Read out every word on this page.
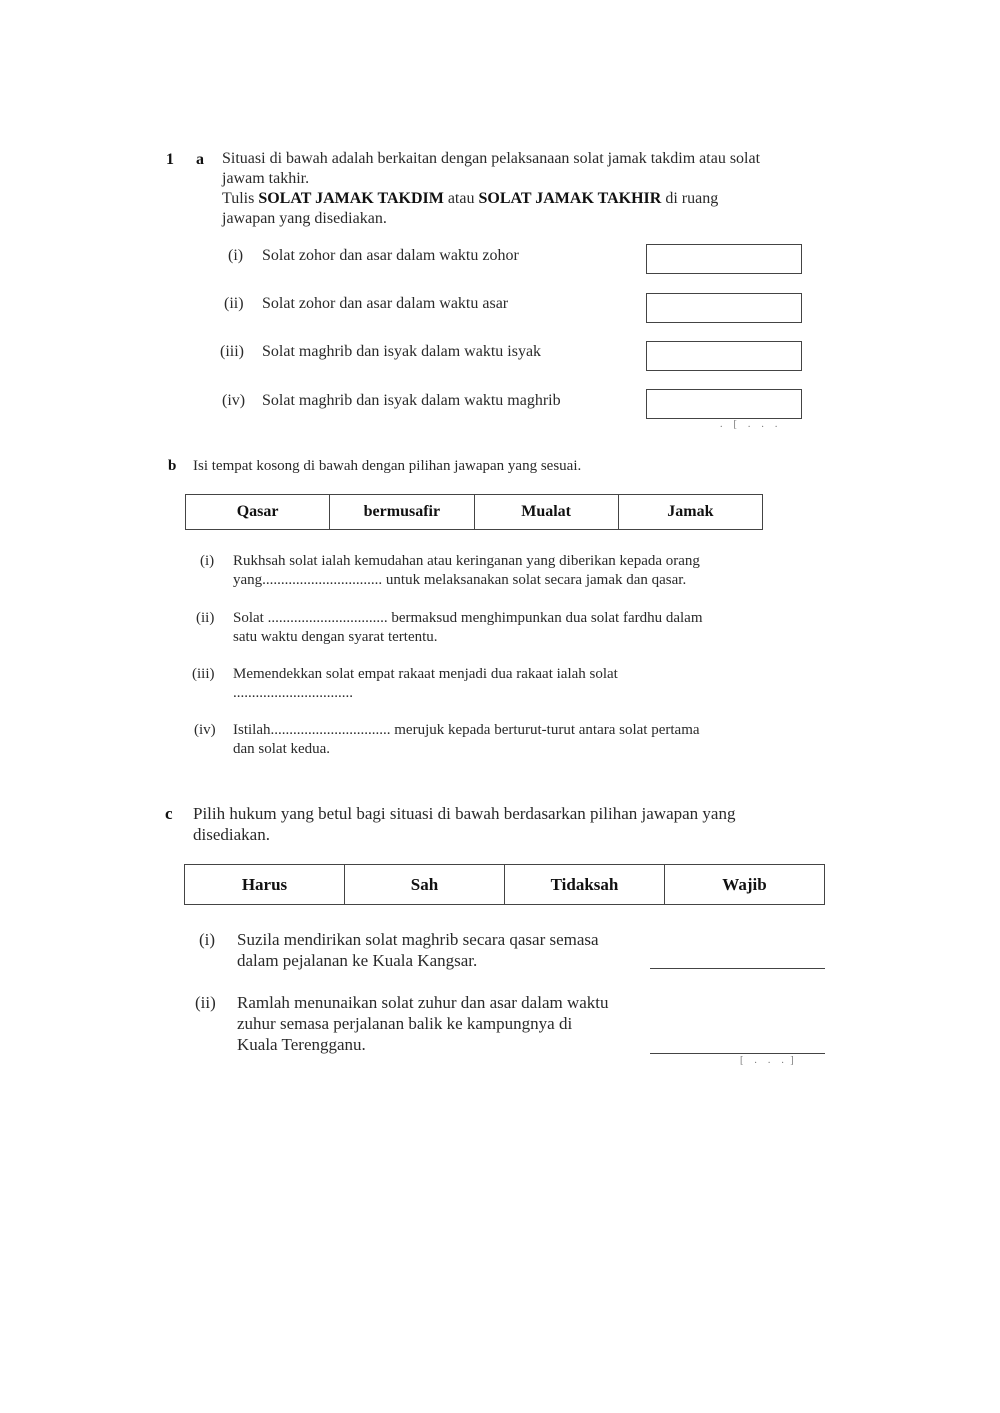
1 a Situasi di bawah adalah berkaitan dengan pelaksanaan solat jamak takdim atau solat
jawam takhir.
Tulis SOLAT JAMAK TAKDIM atau SOLAT JAMAK TAKHIR di ruang
jawapan yang disediakan.
(i) Solat zohor dan asar dalam waktu zohor
(ii) Solat zohor dan asar dalam waktu asar
(iii) Solat maghrib dan isyak dalam waktu isyak
(iv) Solat maghrib dan isyak dalam waktu maghrib
.  [  .  .  .
b Isi tempat kosong di bawah dengan pilihan jawapan yang sesuai.
Qasar	bermusafir	Mualat	Jamak
(i) Rukhsah solat ialah kemudahan atau keringanan yang diberikan kepada orang
yang................................ untuk melaksanakan solat secara jamak dan qasar.
(ii) Solat ................................ bermaksud menghimpunkan dua solat fardhu dalam
satu waktu dengan syarat tertentu.
(iii) Memendekkan solat empat rakaat menjadi dua rakaat ialah solat
................................
(iv) Istilah................................ merujuk kepada berturut-turut antara solat pertama
dan solat kedua.
c Pilih hukum yang betul bagi situasi di bawah berdasarkan pilihan jawapan yang
disediakan.
Harus	Sah	Tidaksah	Wajib
(i) Suzila mendirikan solat maghrib secara qasar semasa
dalam pejalanan ke Kuala Kangsar.
(ii) Ramlah menunaikan solat zuhur dan asar dalam waktu
zuhur semasa perjalanan balik ke kampungnya di
Kuala Terengganu.
[  .  .  . ]
